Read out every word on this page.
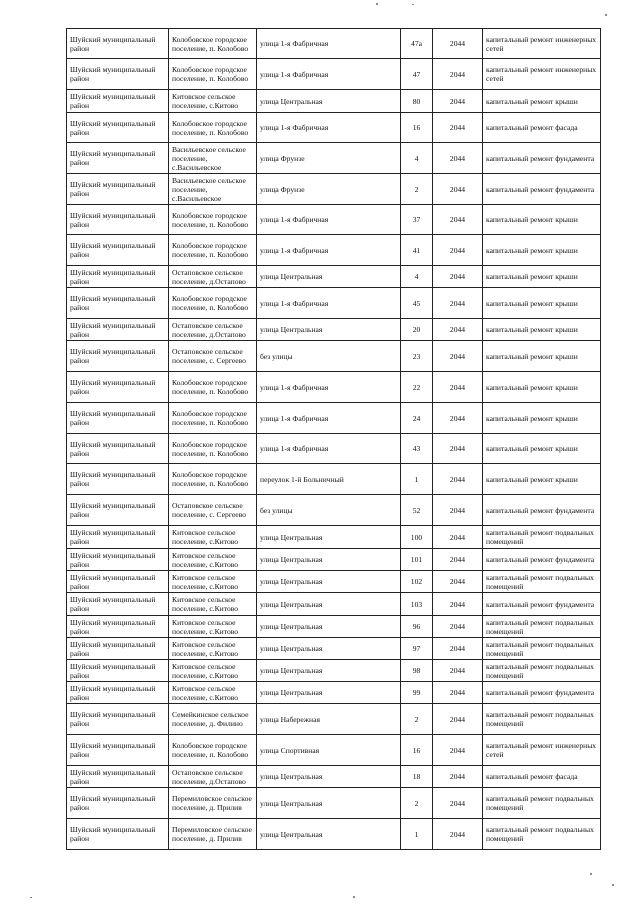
Шуйский муниципальный район	Колобовское городское поселение, п. Колобово	улица 1-я Фабричная	47а	2044	капитальный ремонт инженерных сетей
Шуйский муниципальный район	Колобовское городское поселение, п. Колобово	улица 1-я Фабричная	47	2044	капитальный ремонт инженерных сетей
Шуйский муниципальный район	Китовское сельское поселение, с.Китово	улица Центральная	80	2044	капитальный ремонт крыши
Шуйский муниципальный район	Колобовское городское поселение, п. Колобово	улица 1-я Фабричная	16	2044	капитальный ремонт фасада
Шуйский муниципальный район	Васильевское сельское поселение, с.Васильевское	улица Фрунзе	4	2044	капитальный ремонт фундамента
Шуйский муниципальный район	Васильевское сельское поселение, с.Васильевское	улица Фрунзе	2	2044	капитальный ремонт фундамента
Шуйский муниципальный район	Колобовское городское поселение, п. Колобово	улица 1-я Фабричная	37	2044	капитальный ремонт крыши
Шуйский муниципальный район	Колобовское городское поселение, п. Колобово	улица 1-я Фабричная	41	2044	капитальный ремонт крыши
Шуйский муниципальный район	Остаповское сельское поселение, д.Остапово	улица Центральная	4	2044	капитальный ремонт крыши
Шуйский муниципальный район	Колобовское городское поселение, п. Колобово	улица 1-я Фабричная	45	2044	капитальный ремонт крыши
Шуйский муниципальный район	Остаповское сельское поселение, д.Остапово	улица Центральная	20	2044	капитальный ремонт крыши
Шуйский муниципальный район	Остаповское сельское поселение, с. Сергеево	без улицы	23	2044	капитальный ремонт крыши
Шуйский муниципальный район	Колобовское городское поселение, п. Колобово	улица 1-я Фабричная	22	2044	капитальный ремонт крыши
Шуйский муниципальный район	Колобовское городское поселение, п. Колобово	улица 1-я Фабричная	24	2044	капитальный ремонт крыши
Шуйский муниципальный район	Колобовское городское поселение, п. Колобово	улица 1-я Фабричная	43	2044	капитальный ремонт крыши
Шуйский муниципальный район	Колобовское городское поселение, п. Колобово	переулок 1-й Больничный	1	2044	капитальный ремонт крыши
Шуйский муниципальный район	Остаповское сельское поселение, с. Сергеево	без улицы	52	2044	капитальный ремонт фундамента
Шуйский муниципальный район	Китовское сельское поселение, с.Китово	улица Центральная	100	2044	капитальный ремонт подвальных помещений
Шуйский муниципальный район	Китовское сельское поселение, с.Китово	улица Центральная	101	2044	капитальный ремонт фундамента
Шуйский муниципальный район	Китовское сельское поселение, с.Китово	улица Центральная	102	2044	капитальный ремонт подвальных помещений
Шуйский муниципальный район	Китовское сельское поселение, с.Китово	улица Центральная	103	2044	капитальный ремонт фундамента
Шуйский муниципальный район	Китовское сельское поселение, с.Китово	улица Центральная	96	2044	капитальный ремонт подвальных помещений
Шуйский муниципальный район	Китовское сельское поселение, с.Китово	улица Центральная	97	2044	капитальный ремонт подвальных помещений
Шуйский муниципальный район	Китовское сельское поселение, с.Китово	улица Центральная	98	2044	капитальный ремонт подвальных помещений
Шуйский муниципальный район	Китовское сельское поселение, с.Китово	улица Центральная	99	2044	капитальный ремонт фундамента
Шуйский муниципальный район	Семейкинское сельское поселение, д. Филино	улица Набережная	2	2044	капитальный ремонт подвальных помещений
Шуйский муниципальный район	Колобовское городское поселение, п. Колобово	улица Спортивная	16	2044	капитальный ремонт инженерных сетей
Шуйский муниципальный район	Остаповское сельское поселение, д.Остапово	улица Центральная	18	2044	капитальный ремонт фасада
Шуйский муниципальный район	Перемиловское сельское поселение, д. Прилив	улица Центральная	2	2044	капитальный ремонт подвальных помещений
Шуйский муниципальный район	Перемиловское сельское поселение, д. Прилив	улица Центральная	1	2044	капитальный ремонт подвальных помещений
